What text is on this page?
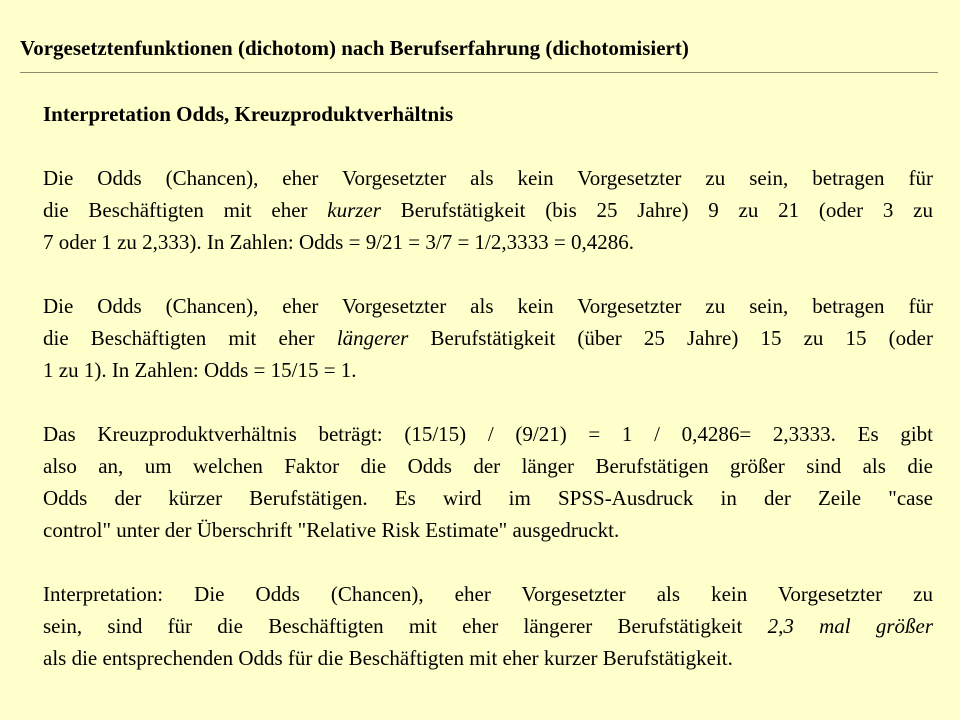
Vorgesetztenfunktionen (dichotom) nach Berufserfahrung (dichotomisiert)

Interpretation Odds, Kreuzproduktverhältnis

Die Odds (Chancen), eher Vorgesetzter als kein Vorgesetzter zu sein, betragen für
die Beschäftigten mit eher kurzer Berufstätigkeit (bis 25 Jahre) 9 zu 21 (oder 3 zu
7 oder 1 zu 2,333). In Zahlen: Odds = 9/21 = 3/7 = 1/2,3333 = 0,4286.

Die Odds (Chancen), eher Vorgesetzter als kein Vorgesetzter zu sein, betragen für
die Beschäftigten mit eher längerer Berufstätigkeit (über 25 Jahre) 15 zu 15 (oder
1 zu 1). In Zahlen: Odds = 15/15 = 1.

Das Kreuzproduktverhältnis beträgt: (15/15) / (9/21) = 1 / 0,4286= 2,3333. Es gibt
also an, um welchen Faktor die Odds der länger Berufstätigen größer sind als die
Odds der kürzer Berufstätigen. Es wird im SPSS-Ausdruck in der Zeile "case
control" unter der Überschrift "Relative Risk Estimate" ausgedruckt.

Interpretation: Die Odds (Chancen), eher Vorgesetzter als kein Vorgesetzter zu
sein, sind für die Beschäftigten mit eher längerer Berufstätigkeit 2,3 mal größer
als die entsprechenden Odds für die Beschäftigten mit eher kurzer Berufstätigkeit.
